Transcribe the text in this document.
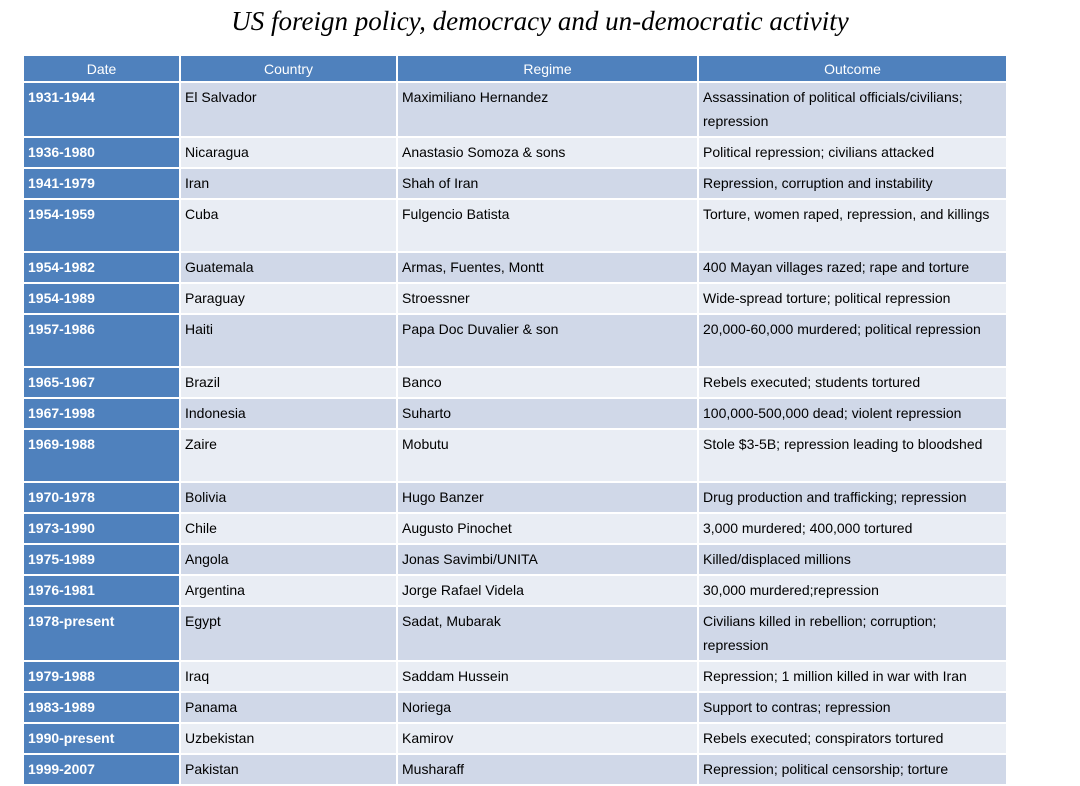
US foreign policy, democracy and un-democratic activity
Date	Country	Regime	Outcome
1931-1944	El Salvador	Maximiliano Hernandez	Assassination of political officials/civilians; repression
1936-1980	Nicaragua	Anastasio Somoza & sons	Political repression; civilians attacked
1941-1979	Iran	Shah of Iran	Repression, corruption and instability
1954-1959	Cuba	Fulgencio Batista	Torture, women raped, repression, and killings
1954-1982	Guatemala	Armas, Fuentes, Montt	400 Mayan villages razed; rape and torture
1954-1989	Paraguay	Stroessner	Wide-spread torture; political repression
1957-1986	Haiti	Papa Doc Duvalier & son	20,000-60,000 murdered; political repression
1965-1967	Brazil	Banco	Rebels executed; students tortured
1967-1998	Indonesia	Suharto	100,000-500,000 dead; violent repression
1969-1988	Zaire	Mobutu	Stole $3-5B; repression leading to bloodshed
1970-1978	Bolivia	Hugo Banzer	Drug production and trafficking; repression
1973-1990	Chile	Augusto Pinochet	3,000 murdered; 400,000 tortured
1975-1989	Angola	Jonas Savimbi/UNITA	Killed/displaced millions
1976-1981	Argentina	Jorge Rafael Videla	30,000 murdered;repression
1978-present	Egypt	Sadat, Mubarak	Civilians killed in rebellion; corruption; repression
1979-1988	Iraq	Saddam Hussein	Repression; 1 million killed in war with Iran
1983-1989	Panama	Noriega	Support to contras; repression
1990-present	Uzbekistan	Kamirov	Rebels executed; conspirators tortured
1999-2007	Pakistan	Musharaff	Repression; political censorship; torture
